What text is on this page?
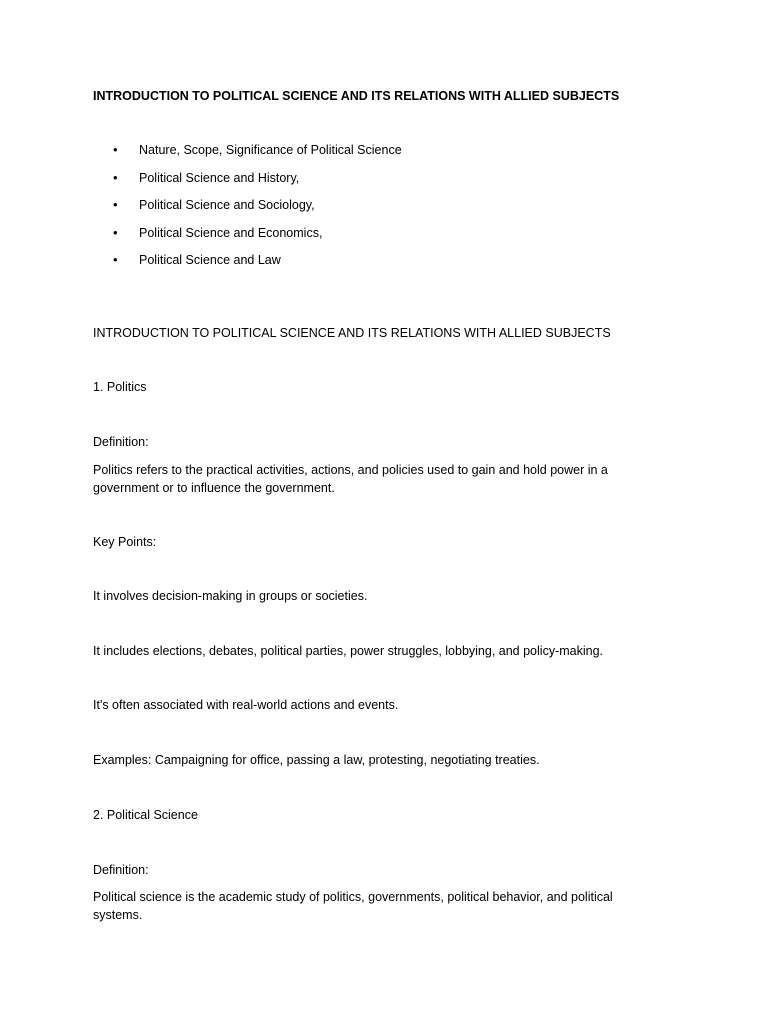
INTRODUCTION TO POLITICAL SCIENCE AND ITS RELATIONS WITH ALLIED SUBJECTS
•	Nature, Scope, Significance of Political Science
•	Political Science and History,
•	Political Science and Sociology,
•	Political Science and Economics,
•	Political Science and Law
INTRODUCTION TO POLITICAL SCIENCE AND ITS RELATIONS WITH ALLIED SUBJECTS
1. Politics
Definition:
Politics refers to the practical activities, actions, and policies used to gain and hold power in a government or to influence the government.
Key Points:
It involves decision-making in groups or societies.
It includes elections, debates, political parties, power struggles, lobbying, and policy-making.
It's often associated with real-world actions and events.
Examples: Campaigning for office, passing a law, protesting, negotiating treaties.
2. Political Science
Definition:
Political science is the academic study of politics, governments, political behavior, and political systems.
